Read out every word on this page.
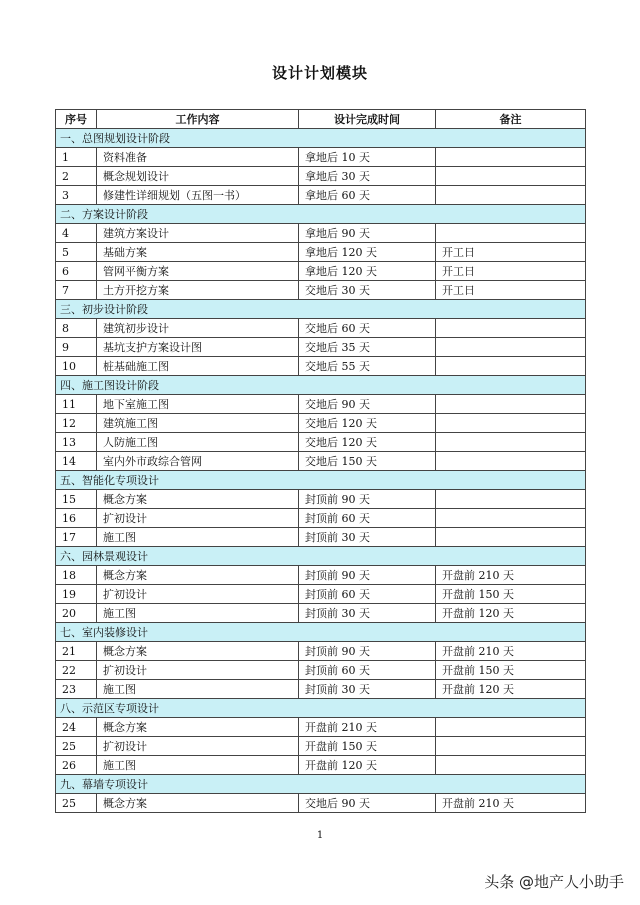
设计计划模块
序号	工作内容	设计完成时间	备注
一、总图规划设计阶段			
1	资料准备	拿地后 10 天	
2	概念规划设计	拿地后 30 天	
3	修建性详细规划（五图一书）	拿地后 60 天	
二、方案设计阶段			
4	建筑方案设计	拿地后 90 天	
5	基础方案	拿地后 120 天	开工日
6	管网平衡方案	拿地后 120 天	开工日
7	土方开挖方案	交地后 30 天	开工日
三、初步设计阶段			
8	建筑初步设计	交地后 60 天	
9	基坑支护方案设计图	交地后 35 天	
10	桩基础施工图	交地后 55 天	
四、施工图设计阶段			
11	地下室施工图	交地后 90 天	
12	建筑施工图	交地后 120 天	
13	人防施工图	交地后 120 天	
14	室内外市政综合管网	交地后 150 天	
五、智能化专项设计			
15	概念方案	封顶前 90 天	
16	扩初设计	封顶前 60 天	
17	施工图	封顶前 30 天	
六、园林景观设计			
18	概念方案	封顶前 90 天	开盘前 210 天
19	扩初设计	封顶前 60 天	开盘前 150 天
20	施工图	封顶前 30 天	开盘前 120 天
七、室内装修设计			
21	概念方案	封顶前 90 天	开盘前 210 天
22	扩初设计	封顶前 60 天	开盘前 150 天
23	施工图	封顶前 30 天	开盘前 120 天
八、示范区专项设计			
24	概念方案	开盘前 210 天	
25	扩初设计	开盘前 150 天	
26	施工图	开盘前 120 天	
九、幕墙专项设计			
25	概念方案	交地后 90 天	开盘前 210 天
1
头条 @地产人小助手
